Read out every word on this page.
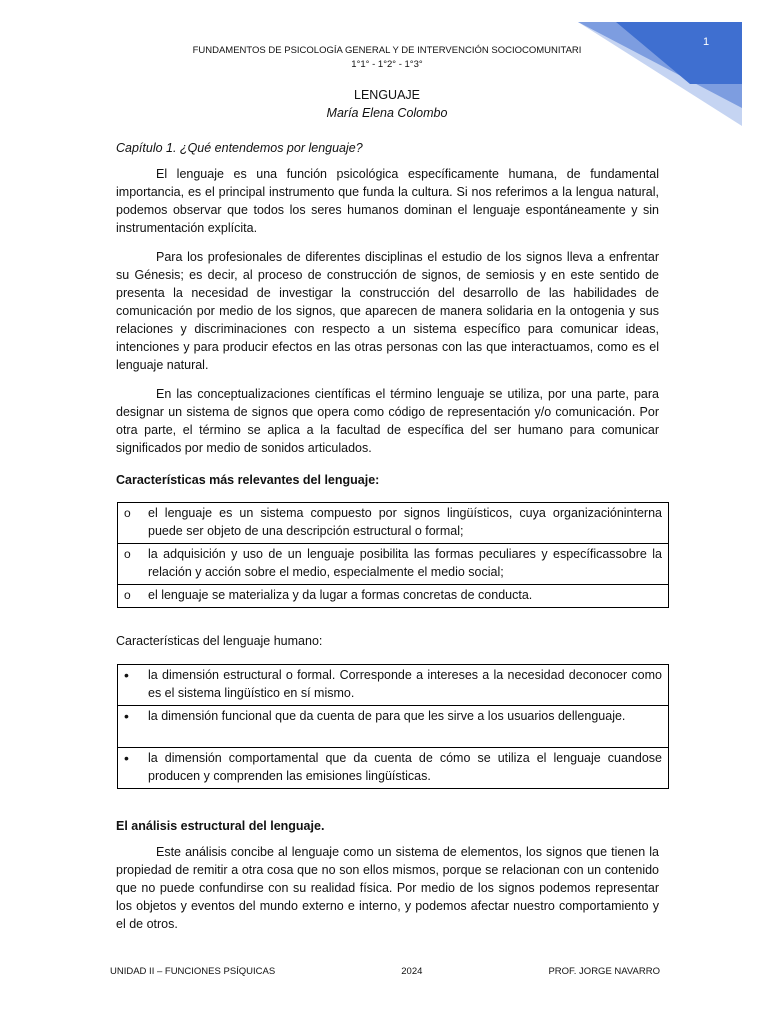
1
FUNDAMENTOS DE PSICOLOGÍA GENERAL Y DE INTERVENCIÓN SOCIOCOMUNITARI
1°1° - 1°2° - 1°3°
LENGUAJE
María Elena Colombo
Capítulo 1. ¿Qué entendemos por lenguaje?

El lenguaje es una función psicológica específicamente humana, de fundamental importancia, es el principal instrumento que funda la cultura. Si nos referimos a la lengua natural, podemos observar que todos los seres humanos dominan el lenguaje espontáneamente y sin instrumentación explícita.

Para los profesionales de diferentes disciplinas el estudio de los signos lleva a enfrentar su Génesis; es decir, al proceso de construcción de signos, de semiosis y en este sentido de presenta la necesidad de investigar la construcción del desarrollo de las habilidades de comunicación por medio de los signos, que aparecen de manera solidaria en la ontogenia y sus relaciones y discriminaciones con respecto a un sistema específico para comunicar ideas, intenciones y para producir efectos en las otras personas con las que interactuamos, como es el lenguaje natural.

En las conceptualizaciones científicas el término lenguaje se utiliza, por una parte, para designar un sistema de signos que opera como código de representación y/o comunicación. Por otra parte, el término se aplica a la facultad de específica del ser humano para comunicar significados por medio de sonidos articulados.

Características más relevantes del lenguaje:
o	el lenguaje es un sistema compuesto por signos lingüísticos, cuya organizacióninterna puede ser objeto de una descripción estructural o formal;
o	la adquisición y uso de un lenguaje posibilita las formas peculiares y específicassobre la relación y acción sobre el medio, especialmente el medio social;
o	el lenguaje se materializa y da lugar a formas concretas de conducta.
Características del lenguaje humano:
•	la dimensión estructural o formal. Corresponde a intereses a la necesidad deconocer como es el sistema lingüístico en sí mismo.
•	la dimensión funcional que da cuenta de para que les sirve a los usuarios dellenguaje.
•	la dimensión comportamental que da cuenta de cómo se utiliza el lenguaje cuandose producen y comprenden las emisiones lingüísticas.
El análisis estructural del lenguaje.

Este análisis concibe al lenguaje como un sistema de elementos, los signos que tienen la propiedad de remitir a otra cosa que no son ellos mismos, porque se relacionan con un contenido que no puede confundirse con su realidad física. Por medio de los signos podemos representar los objetos y eventos del mundo externo e interno, y podemos afectar nuestro comportamiento y el de otros.

UNIDAD II – FUNCIONES PSÍQUICAS	2024	PROF. JORGE NAVARRO
